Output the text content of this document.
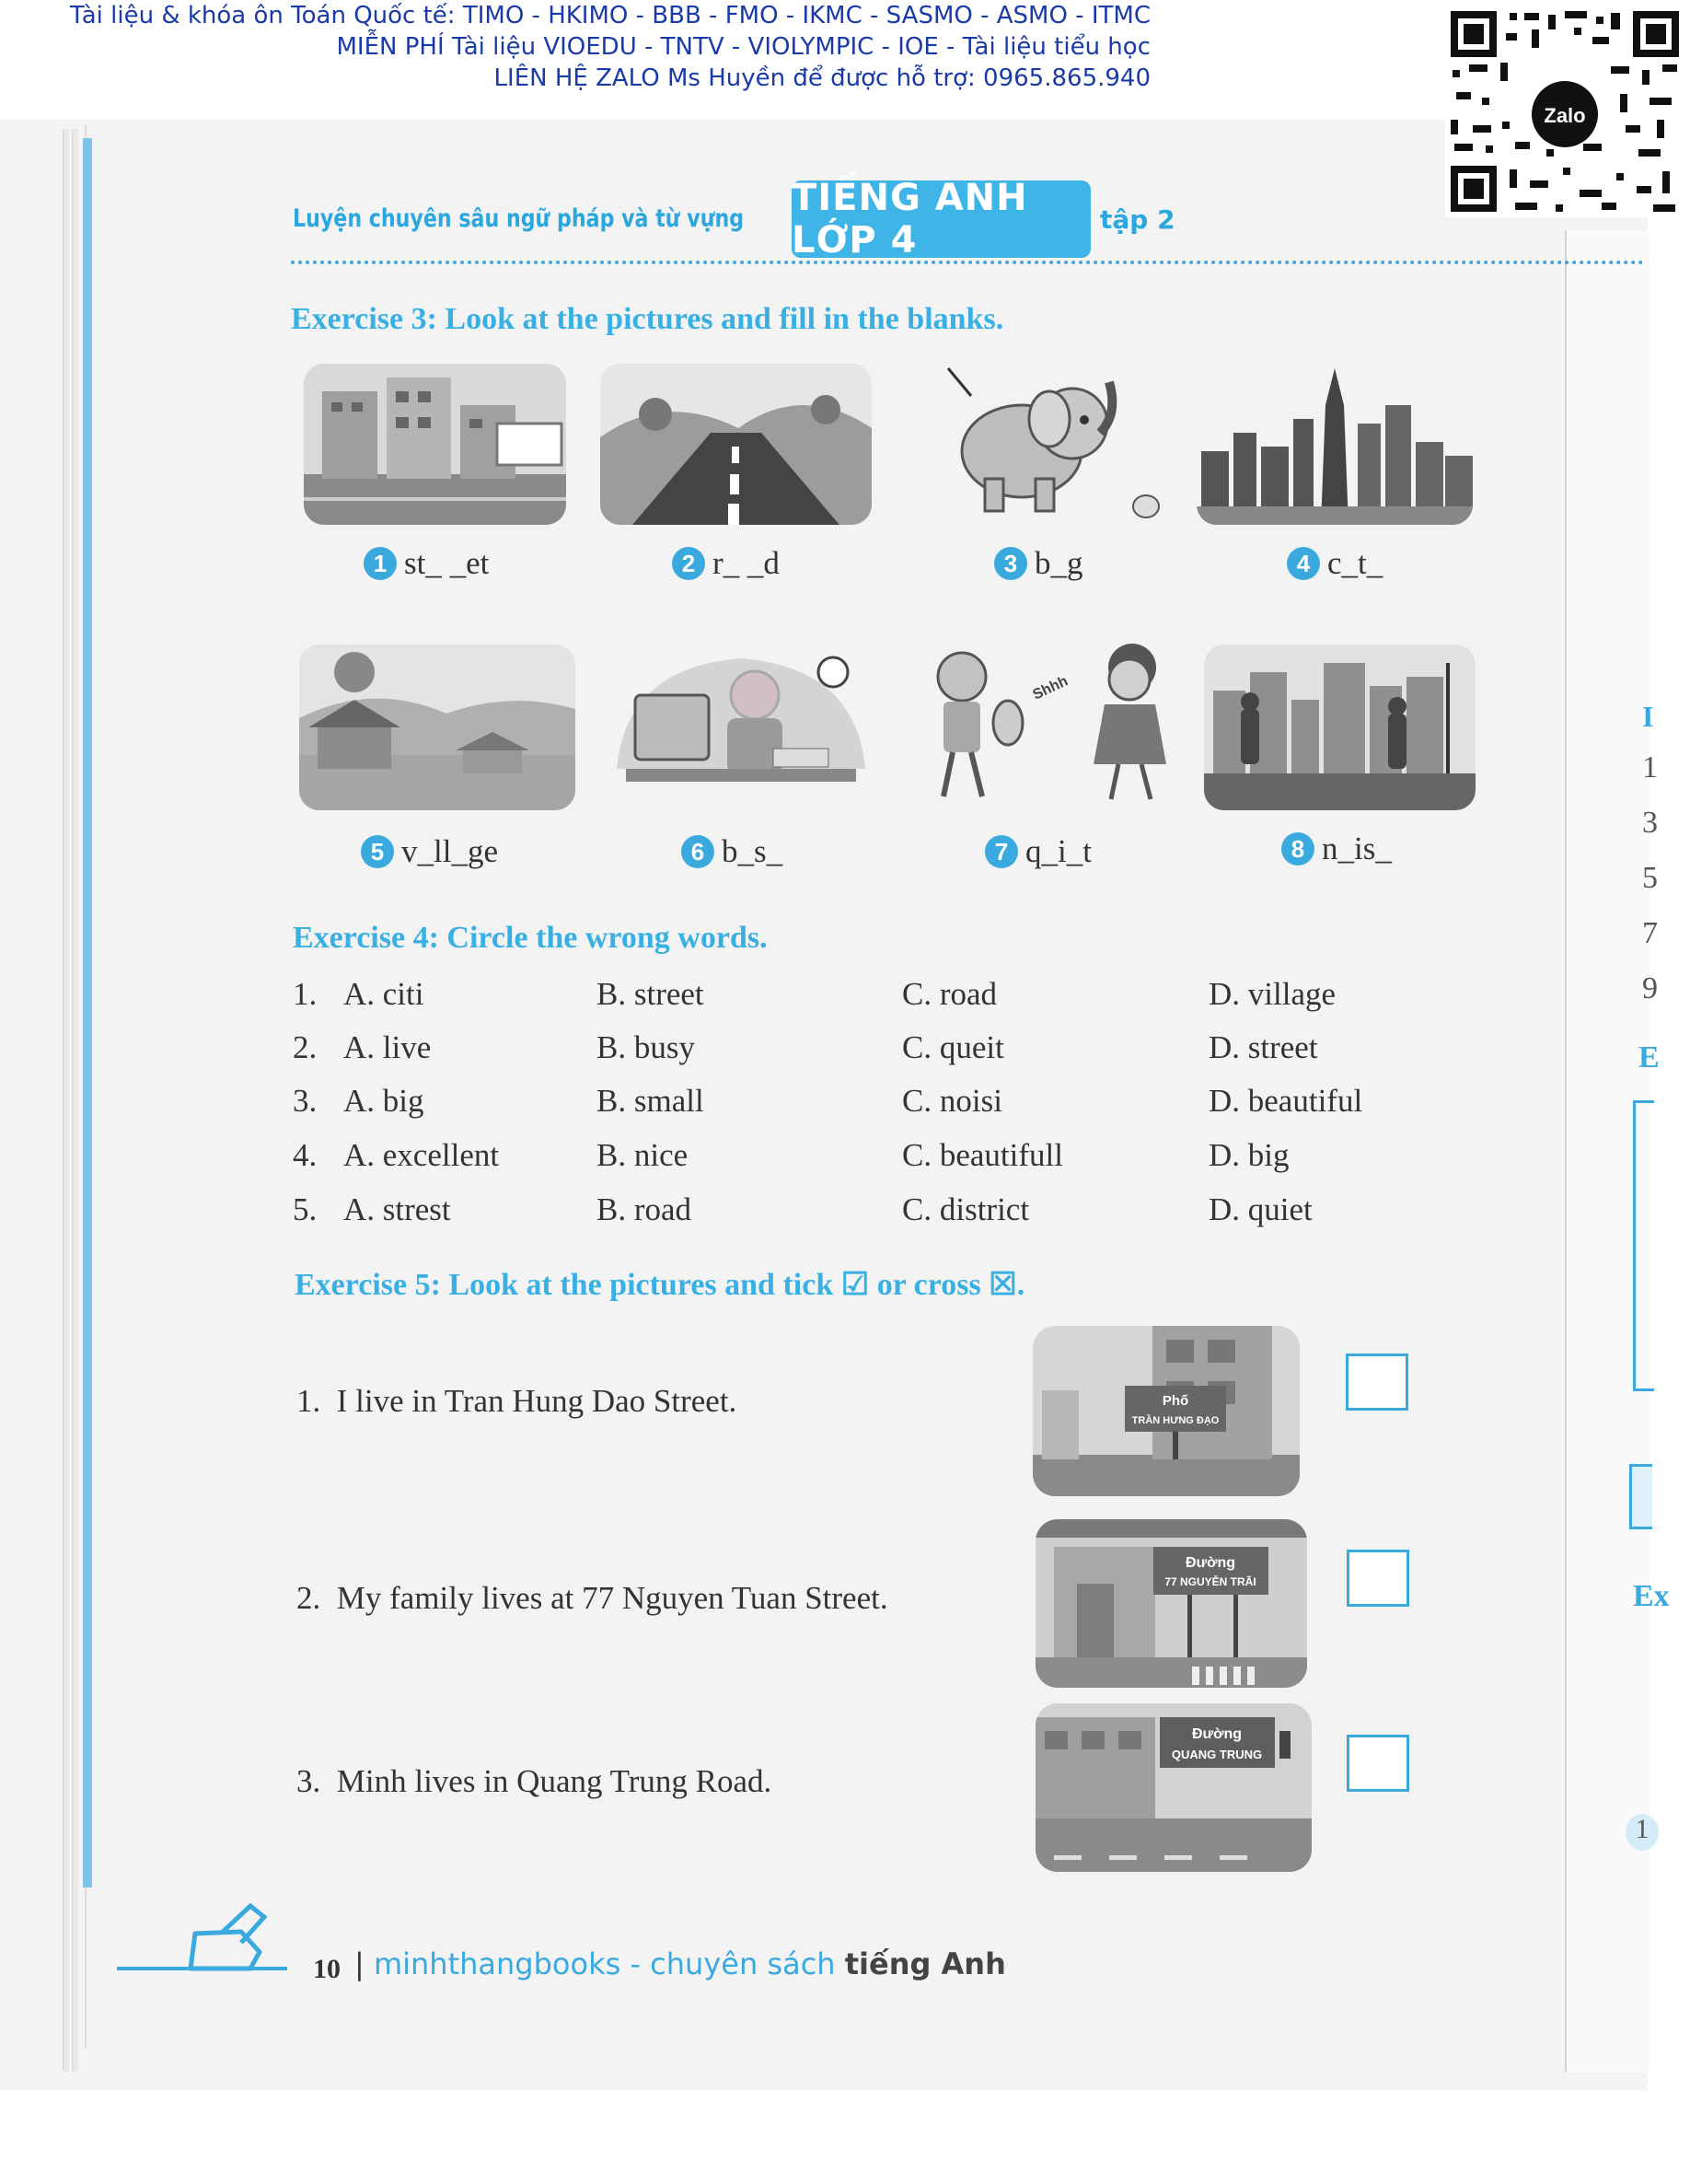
I
1
3
5
7
9
E
Ex
1
Tài liệu & khóa ôn Toán Quốc tế: TIMO - HKIMO - BBB - FMO - IKMC - SASMO - ASMO - ITMC
MIỄN PHÍ Tài liệu VIOEDU - TNTV - VIOLYMPIC - IOE - Tài liệu tiểu học
LIÊN HỆ ZALO Ms Huyền để được hỗ trợ: 0965.865.940
Zalo
Luyện chuyên sâu ngữ pháp và từ vựng TIẾNG ANH LỚP 4	tập 2
Exercise 3: Look at the pictures and fill in the blanks.
1 st_ _et	2 r_ _d	3 b_g	4 c_t_
Shhh
5 v_ll_ge	6 b_s_	7 q_i_t	8 n_is_
Exercise 4: Circle the wrong words.
1. A. citi	B. street	C. road	D. village
2. A. live	B. busy	C. queit	D. street
3. A. big	B. small	C. noisi	D. beautiful
4. A. excellent	B. nice	C. beautifull	D. big
5. A. strest	B. road	C. district	D. quiet
Exercise 5: Look at the pictures and tick ☑ or cross ☒.
1. I live in Tran Hung Dao Street.	Phố
TRẦN HƯNG ĐẠO
2. My family lives at 77 Nguyen Tuan Street.
Đường
77 NGUYỄN TRÃI
3. Minh lives in Quang Trung Road.
Đường
QUANG TRUNG
10 | minhthangbooks - chuyên sách tiếng Anh
